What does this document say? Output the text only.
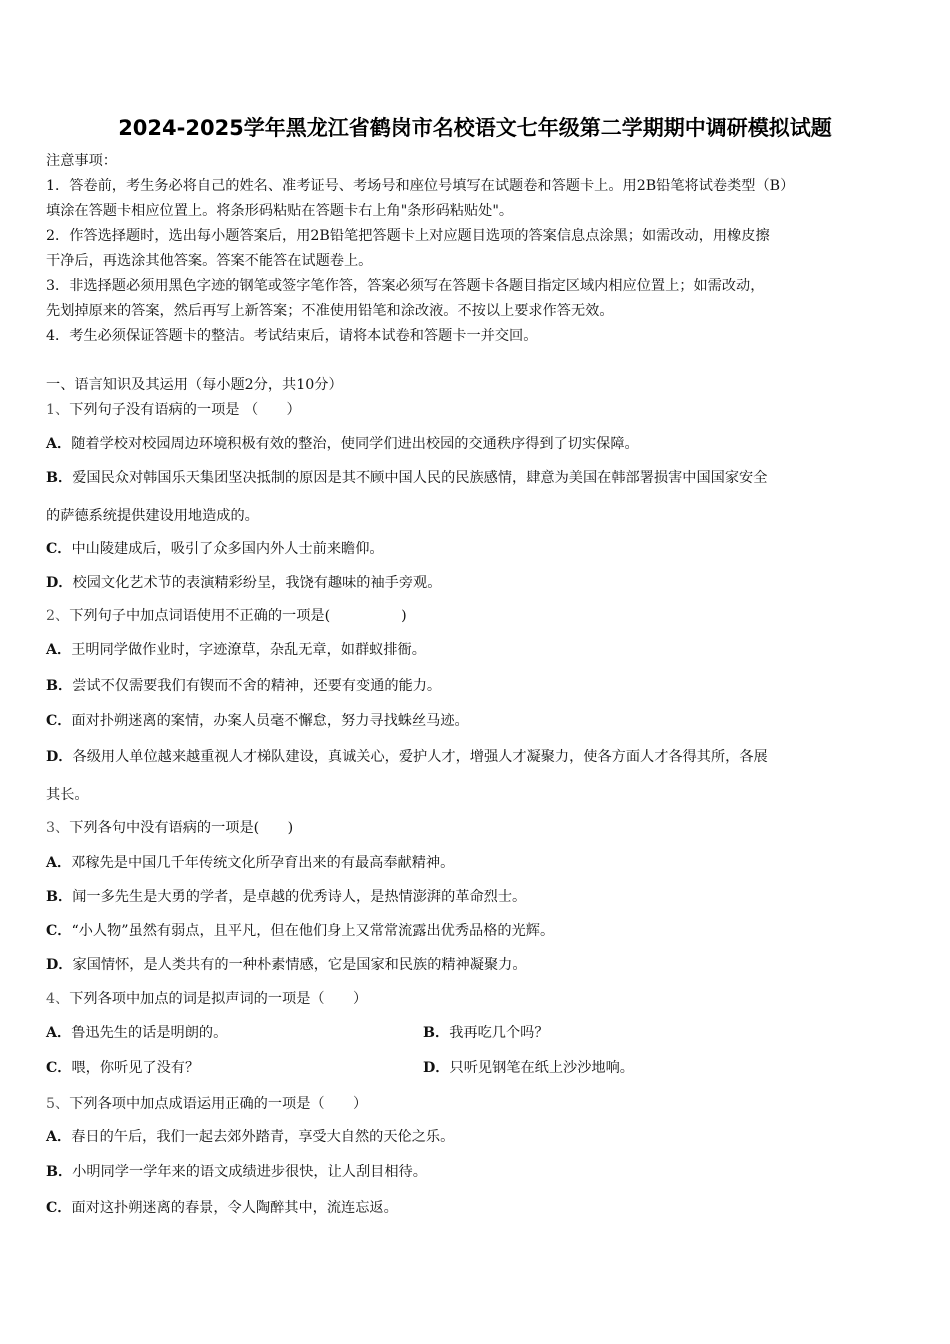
2024-2025学年黑龙江省鹤岗市名校语文七年级第二学期期中调研模拟试题
注意事项：
1．答卷前，考生务必将自己的姓名、准考证号、考场号和座位号填写在试题卷和答题卡上。用2B铅笔将试卷类型（B）
填涂在答题卡相应位置上。将条形码粘贴在答题卡右上角"条形码粘贴处"。
2．作答选择题时，选出每小题答案后，用2B铅笔把答题卡上对应题目选项的答案信息点涂黑；如需改动，用橡皮擦
干净后，再选涂其他答案。答案不能答在试题卷上。
3．非选择题必须用黑色字迹的钢笔或签字笔作答，答案必须写在答题卡各题目指定区域内相应位置上；如需改动，
先划掉原来的答案，然后再写上新答案；不准使用铅笔和涂改液。不按以上要求作答无效。
4．考生必须保证答题卡的整洁。考试结束后，请将本试卷和答题卡一并交回。
一、语言知识及其运用（每小题2分，共10分）
1、下列句子没有语病的一项是 （　　）
A．随着学校对校园周边环境积极有效的整治，使同学们进出校园的交通秩序得到了切实保障。
B．爱国民众对韩国乐天集团坚决抵制的原因是其不顾中国人民的民族感情，肆意为美国在韩部署损害中国国家安全
的萨德系统提供建设用地造成的。
C．中山陵建成后，吸引了众多国内外人士前来瞻仰。
D．校园文化艺术节的表演精彩纷呈，我饶有趣味的袖手旁观。
2、下列句子中加点词语使用不正确的一项是(　　　　　)
A．王明同学做作业时，字迹潦草，杂乱无章，如群蚁排衙。
B．尝试不仅需要我们有锲而不舍的精神，还要有变通的能力。
C．面对扑朔迷离的案情，办案人员毫不懈怠，努力寻找蛛丝马迹。
D．各级用人单位越来越重视人才梯队建设，真诚关心，爱护人才，增强人才凝聚力，使各方面人才各得其所，各展
其长。
3、下列各句中没有语病的一项是(　　)
A．邓稼先是中国几千年传统文化所孕育出来的有最高奉献精神。
B．闻一多先生是大勇的学者，是卓越的优秀诗人，是热情澎湃的革命烈士。
C．“小人物”虽然有弱点，且平凡，但在他们身上又常常流露出优秀品格的光辉。
D．家国情怀，是人类共有的一种朴素情感，它是国家和民族的精神凝聚力。
4、下列各项中加点的词是拟声词的一项是（　　）
A．鲁迅先生的话是明朗的。	B．我再吃几个吗？
C．喂，你听见了没有？	D．只听见钢笔在纸上沙沙地响。
5、下列各项中加点成语运用正确的一项是（　　）
A．春日的午后，我们一起去郊外踏青，享受大自然的天伦之乐。
B．小明同学一学年来的语文成绩进步很快，让人刮目相待。
C．面对这扑朔迷离的春景，令人陶醉其中，流连忘返。
